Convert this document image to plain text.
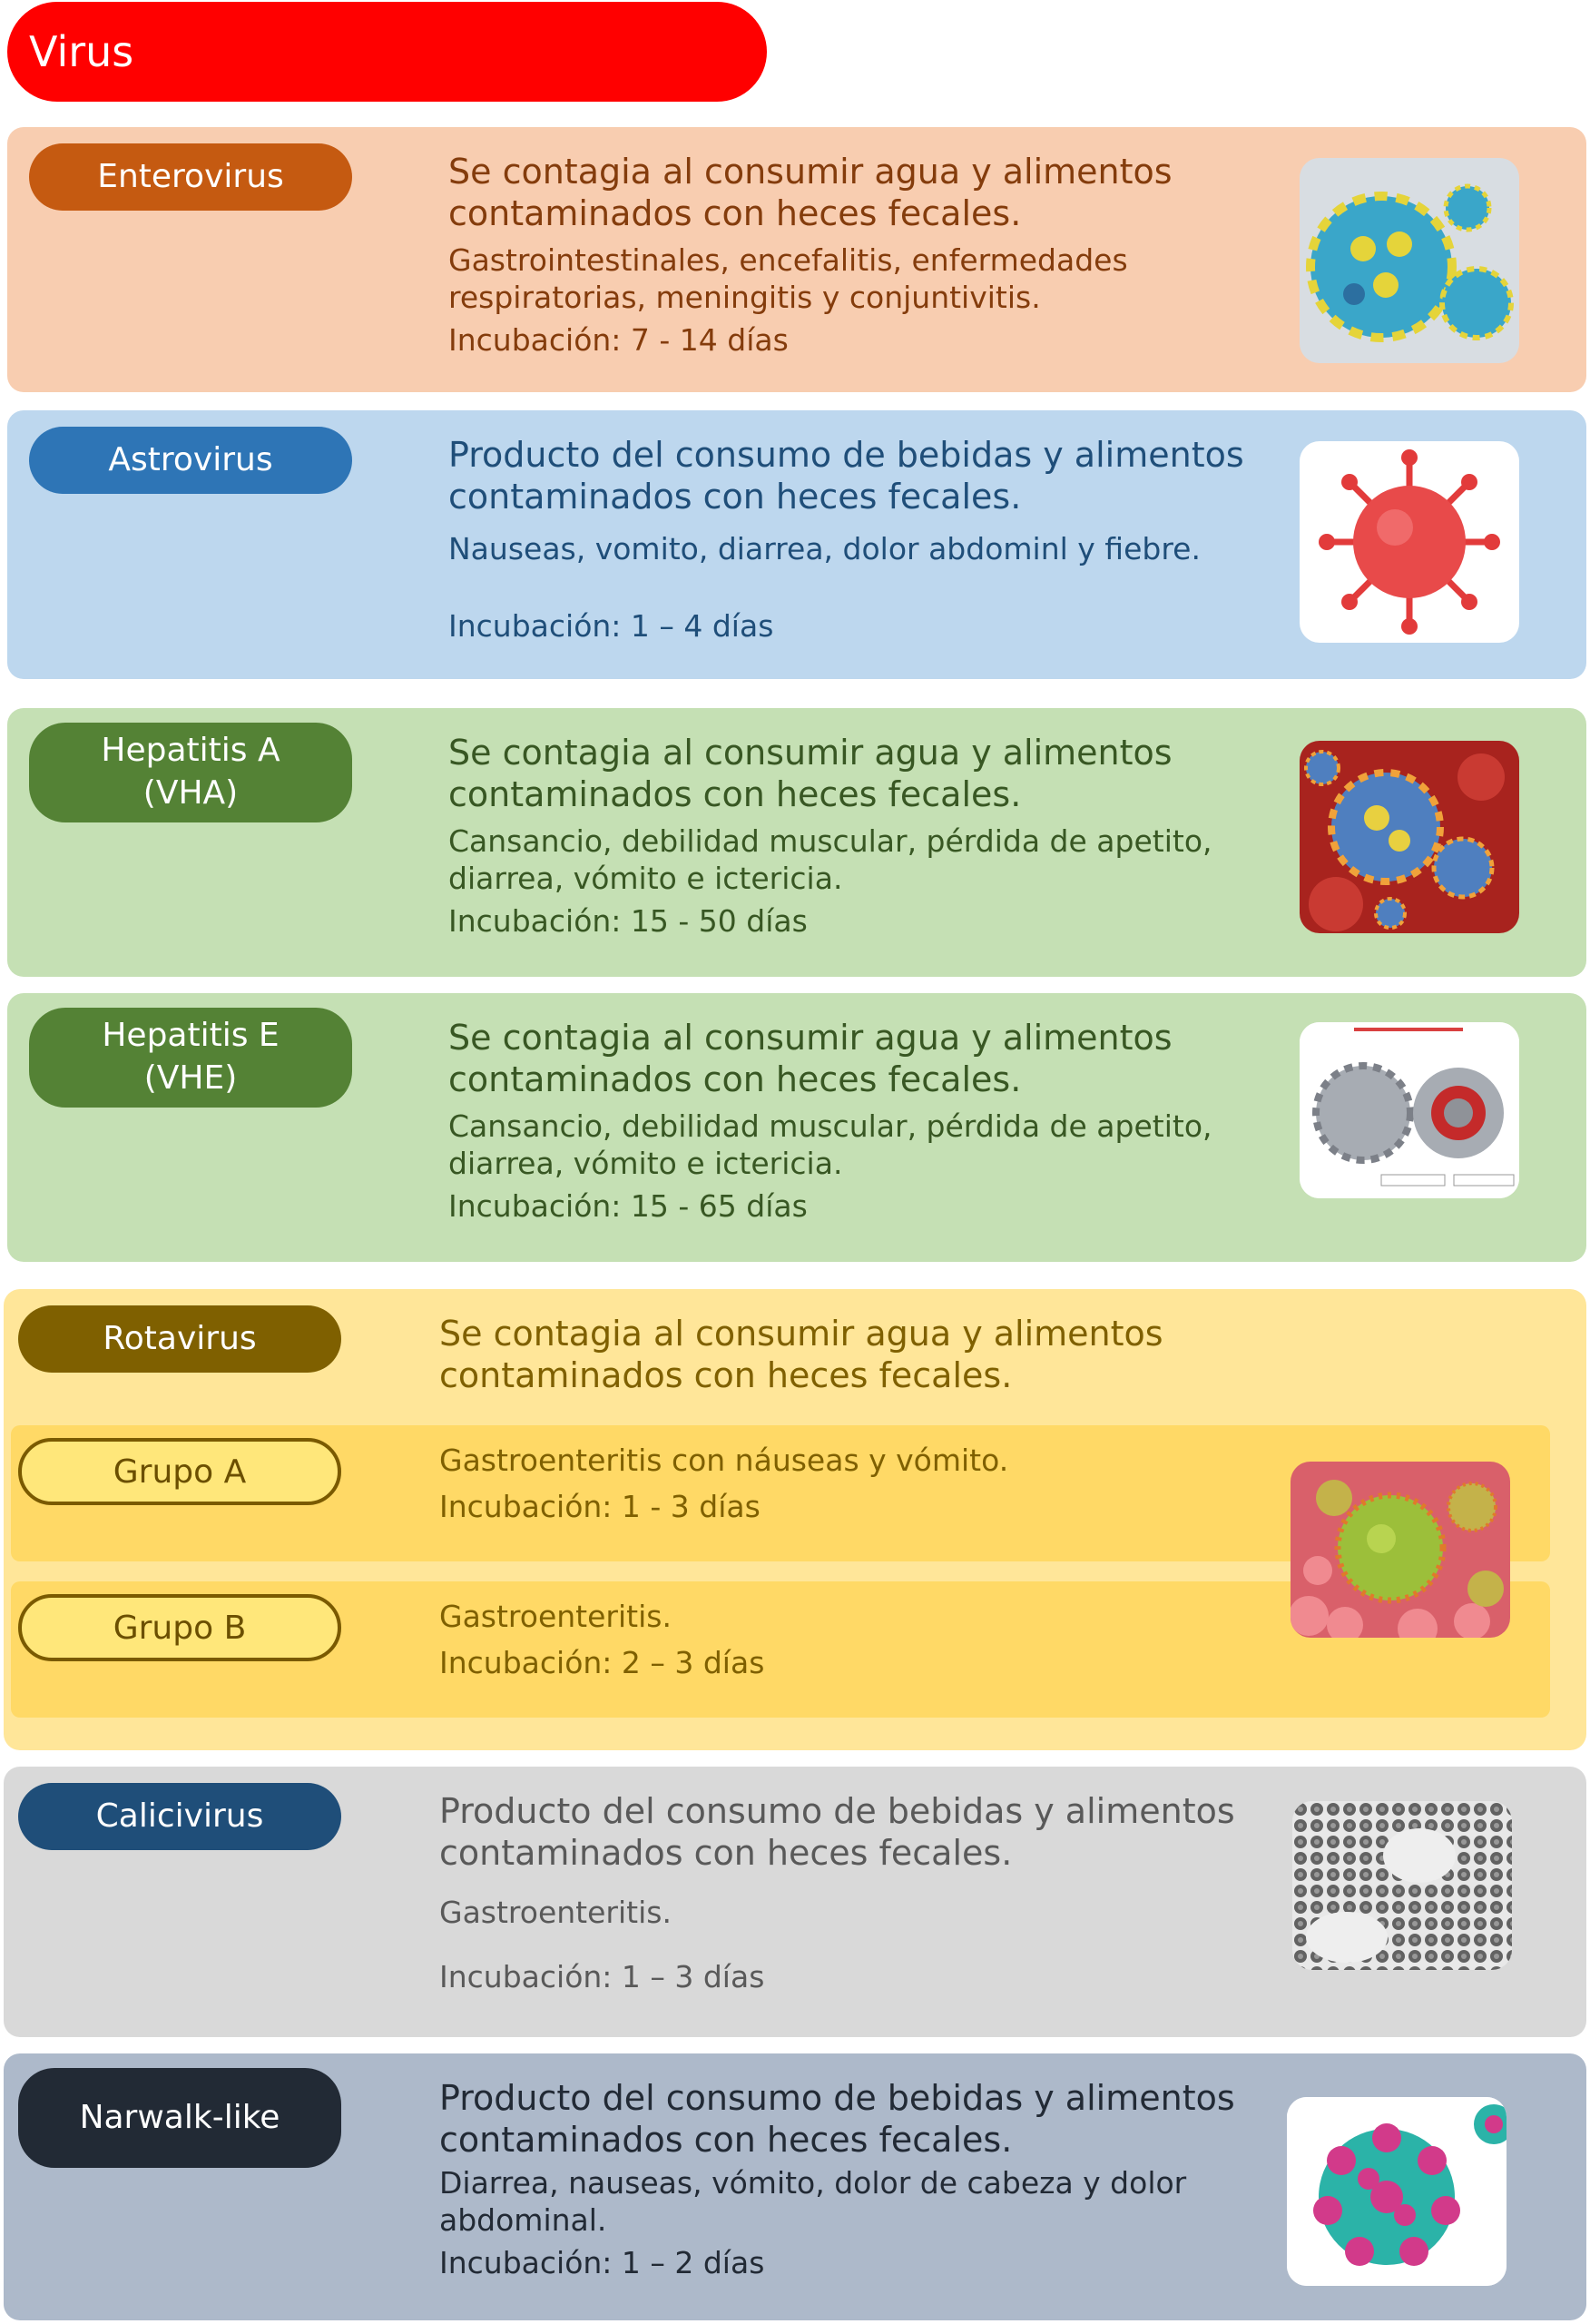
Virus
Enterovirus	Se contagia al consumir agua y alimentos contaminados con heces fecales.
Gastrointestinales, encefalitis, enfermedades respiratorias, meningitis y conjuntivitis.
Incubación: 7 - 14 días
Astrovirus	Producto del consumo de bebidas y alimentos contaminados con heces fecales.
Nauseas, vomito, diarrea, dolor abdominl y fiebre.
Incubación: 1 – 4 días
Hepatitis A (VHA)
Se contagia al consumir agua y alimentos contaminados con heces fecales.
Cansancio, debilidad muscular, pérdida de apetito, diarrea, vómito e ictericia.
Incubación: 15 - 50 días
Hepatitis E (VHE)
Se contagia al consumir agua y alimentos contaminados con heces fecales.
Cansancio, debilidad muscular, pérdida de apetito, diarrea, vómito e ictericia.
Incubación: 15 - 65 días
Rotavirus	Se contagia al consumir agua y alimentos contaminados con heces fecales.
Grupo A	Gastroenteritis con náuseas y vómito.
Incubación: 1 - 3 días
Grupo B	Gastroenteritis.
Incubación: 2 – 3 días
Calicivirus	Producto del consumo de bebidas y alimentos contaminados con heces fecales.
Gastroenteritis.
Incubación: 1 – 3 días
Narwalk-like	Producto del consumo de bebidas y alimentos contaminados con heces fecales.
Diarrea, nauseas, vómito, dolor de cabeza y dolor abdominal.
Incubación: 1 – 2 días
